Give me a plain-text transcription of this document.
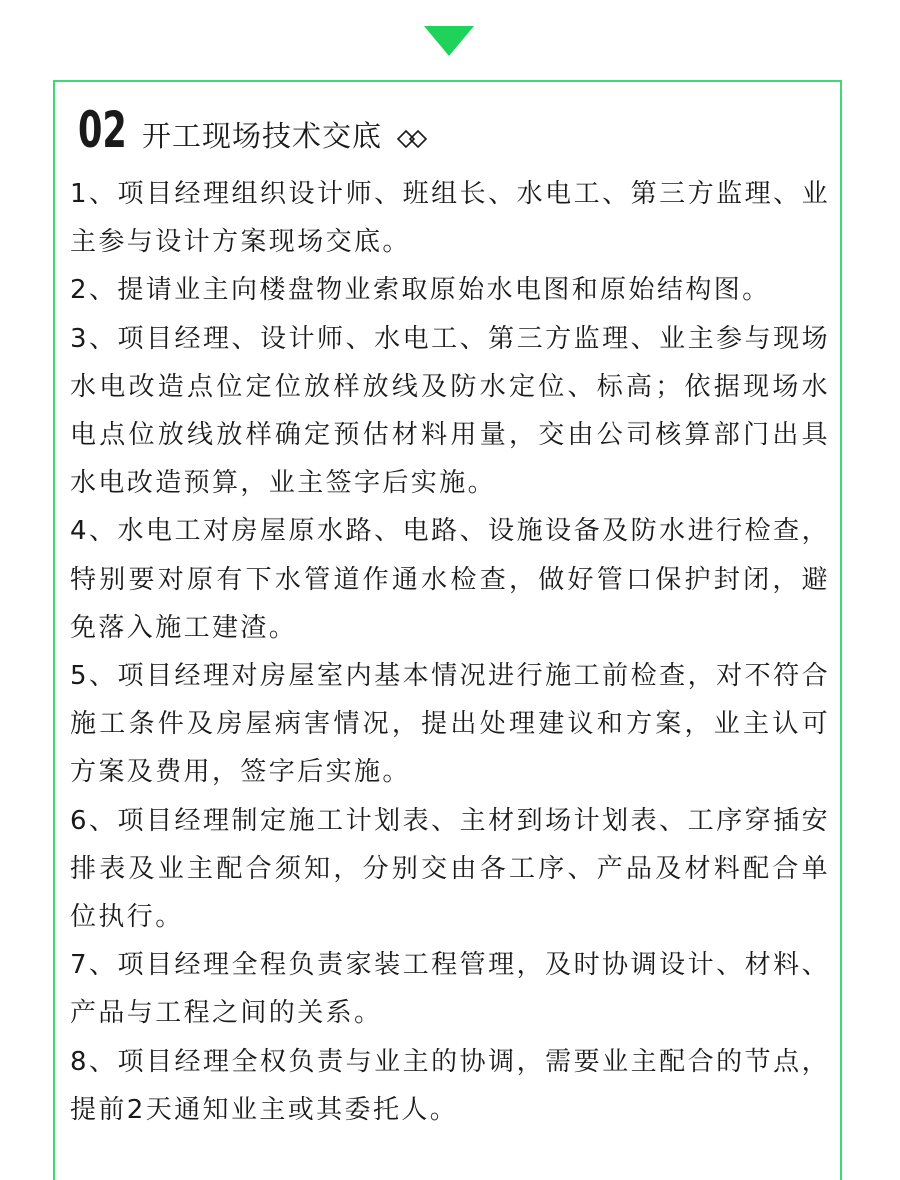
02 开工现场技术交底

1、项目经理组织设计师、班组长、水电工、第三方监理、业主参与设计方案现场交底。

2、提请业主向楼盘物业索取原始水电图和原始结构图。

3、项目经理、设计师、水电工、第三方监理、业主参与现场水电改造点位定位放样放线及防水定位、标高；依据现场水电点位放线放样确定预估材料用量，交由公司核算部门出具水电改造预算，业主签字后实施。

4、水电工对房屋原水路、电路、设施设备及防水进行检查，特别要对原有下水管道作通水检查，做好管口保护封闭，避免落入施工建渣。

5、项目经理对房屋室内基本情况进行施工前检查，对不符合施工条件及房屋病害情况，提出处理建议和方案，业主认可方案及费用，签字后实施。

6、项目经理制定施工计划表、主材到场计划表、工序穿插安排表及业主配合须知，分别交由各工序、产品及材料配合单位执行。

7、项目经理全程负责家装工程管理，及时协调设计、材料、产品与工程之间的关系。

8、项目经理全权负责与业主的协调，需要业主配合的节点，提前2天通知业主或其委托人。
